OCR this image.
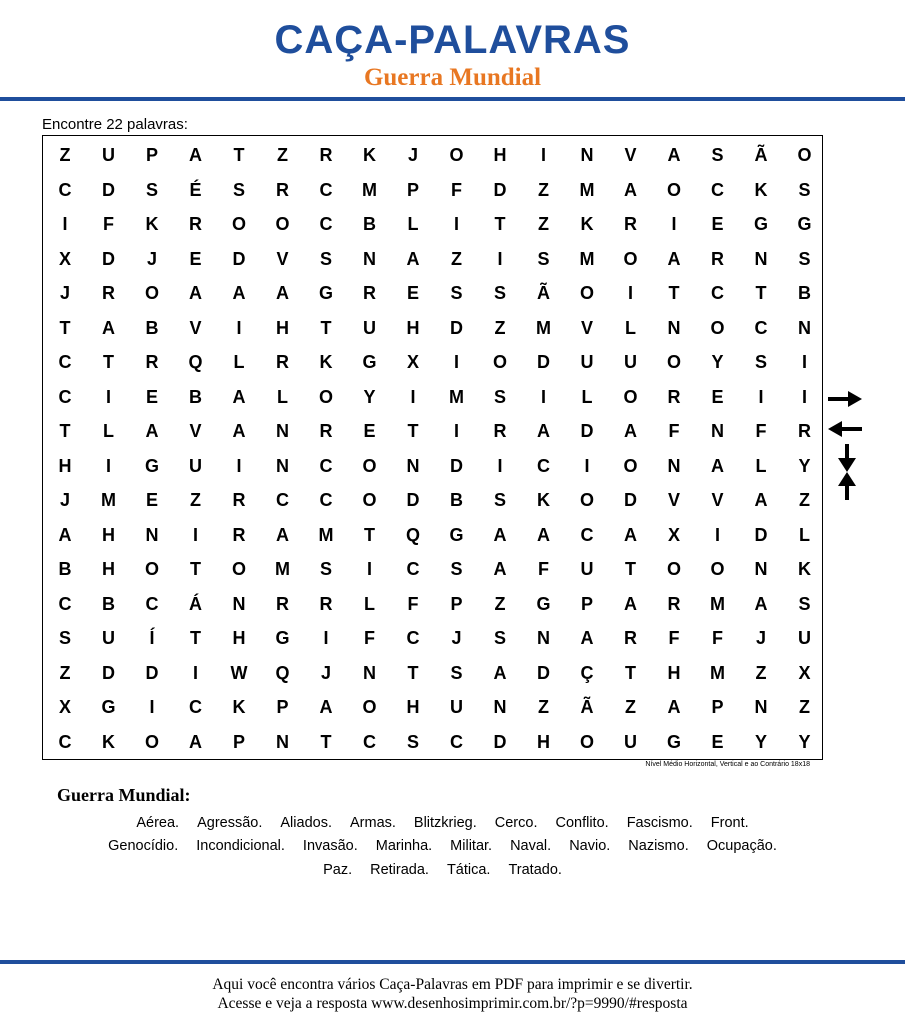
CAÇA-PALAVRAS
Guerra Mundial
Encontre 22 palavras:
Z	U	P	A	T	Z	R	K	J	O	H	I	N	V	A	S	Ã	O
C	D	S	É	S	R	C	M	P	F	D	Z	M	A	O	C	K	S
I	F	K	R	O	O	C	B	L	I	T	Z	K	R	I	E	G	G
X	D	J	E	D	V	S	N	A	Z	I	S	M	O	A	R	N	S
J	R	O	A	A	A	G	R	E	S	S	Ã	O	I	T	C	T	B
T	A	B	V	I	H	T	U	H	D	Z	M	V	L	N	O	C	N
C	T	R	Q	L	R	K	G	X	I	O	D	U	U	O	Y	S	I
C	I	E	B	A	L	O	Y	I	M	S	I	L	O	R	E	I	I
T	L	A	V	A	N	R	E	T	I	R	A	D	A	F	N	F	R
H	I	G	U	I	N	C	O	N	D	I	C	I	O	N	A	L	Y
J	M	E	Z	R	C	C	O	D	B	S	K	O	D	V	V	A	Z
A	H	N	I	R	A	M	T	Q	G	A	A	C	A	X	I	D	L
B	H	O	T	O	M	S	I	C	S	A	F	U	T	O	O	N	K
C	B	C	Á	N	R	R	L	F	P	Z	G	P	A	R	M	A	S
S	U	Í	T	H	G	I	F	C	J	S	N	A	R	F	F	J	U
Z	D	D	I	W	Q	J	N	T	S	A	D	Ç	T	H	M	Z	X
X	G	I	C	K	P	A	O	H	U	N	Z	Ã	Z	A	P	N	Z
C	K	O	A	P	N	T	C	S	C	D	H	O	U	G	E	Y	Y
Nível Médio Horizontal, Vertical e ao Contrário 18x18
Guerra Mundial:
Aérea. Agressão. Aliados. Armas. Blitzkrieg. Cerco. Conflito. Fascismo. Front.
Genocídio. Incondicional. Invasão. Marinha. Militar. Naval. Navio. Nazismo. Ocupação.
Paz. Retirada. Tática. Tratado.
Aqui você encontra vários Caça-Palavras em PDF para imprimir e se divertir.
Acesse e veja a resposta www.desenhosimprimir.com.br/?p=9990/#resposta
